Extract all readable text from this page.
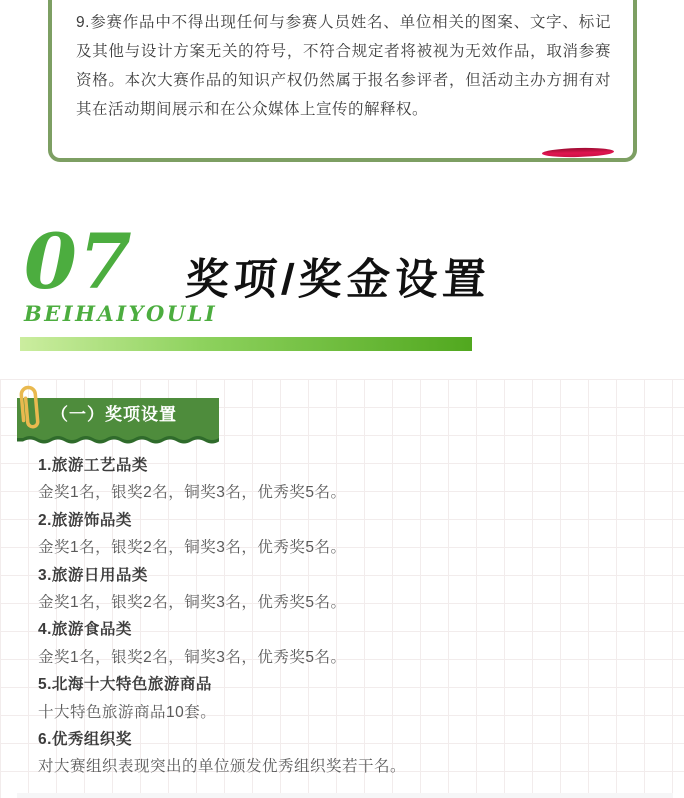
9.参赛作品中不得出现任何与参赛人员姓名、单位相关的图案、文字、标记及其他与设计方案无关的符号，不符合规定者将被视为无效作品，取消参赛资格。本次大赛作品的知识产权仍然属于报名参评者，但活动主办方拥有对其在活动期间展示和在公众媒体上宣传的解释权。

07 奖项/奖金设置
BEIHAIYOULI
（一）奖项设置

1.旅游工艺品类

金奖1名，银奖2名，铜奖3名，优秀奖5名。

2.旅游饰品类

金奖1名，银奖2名，铜奖3名，优秀奖5名。

3.旅游日用品类

金奖1名，银奖2名，铜奖3名，优秀奖5名。

4.旅游食品类

金奖1名，银奖2名，铜奖3名，优秀奖5名。

5.北海十大特色旅游商品

十大特色旅游商品10套。

6.优秀组织奖

对大赛组织表现突出的单位颁发优秀组织奖若干名。
